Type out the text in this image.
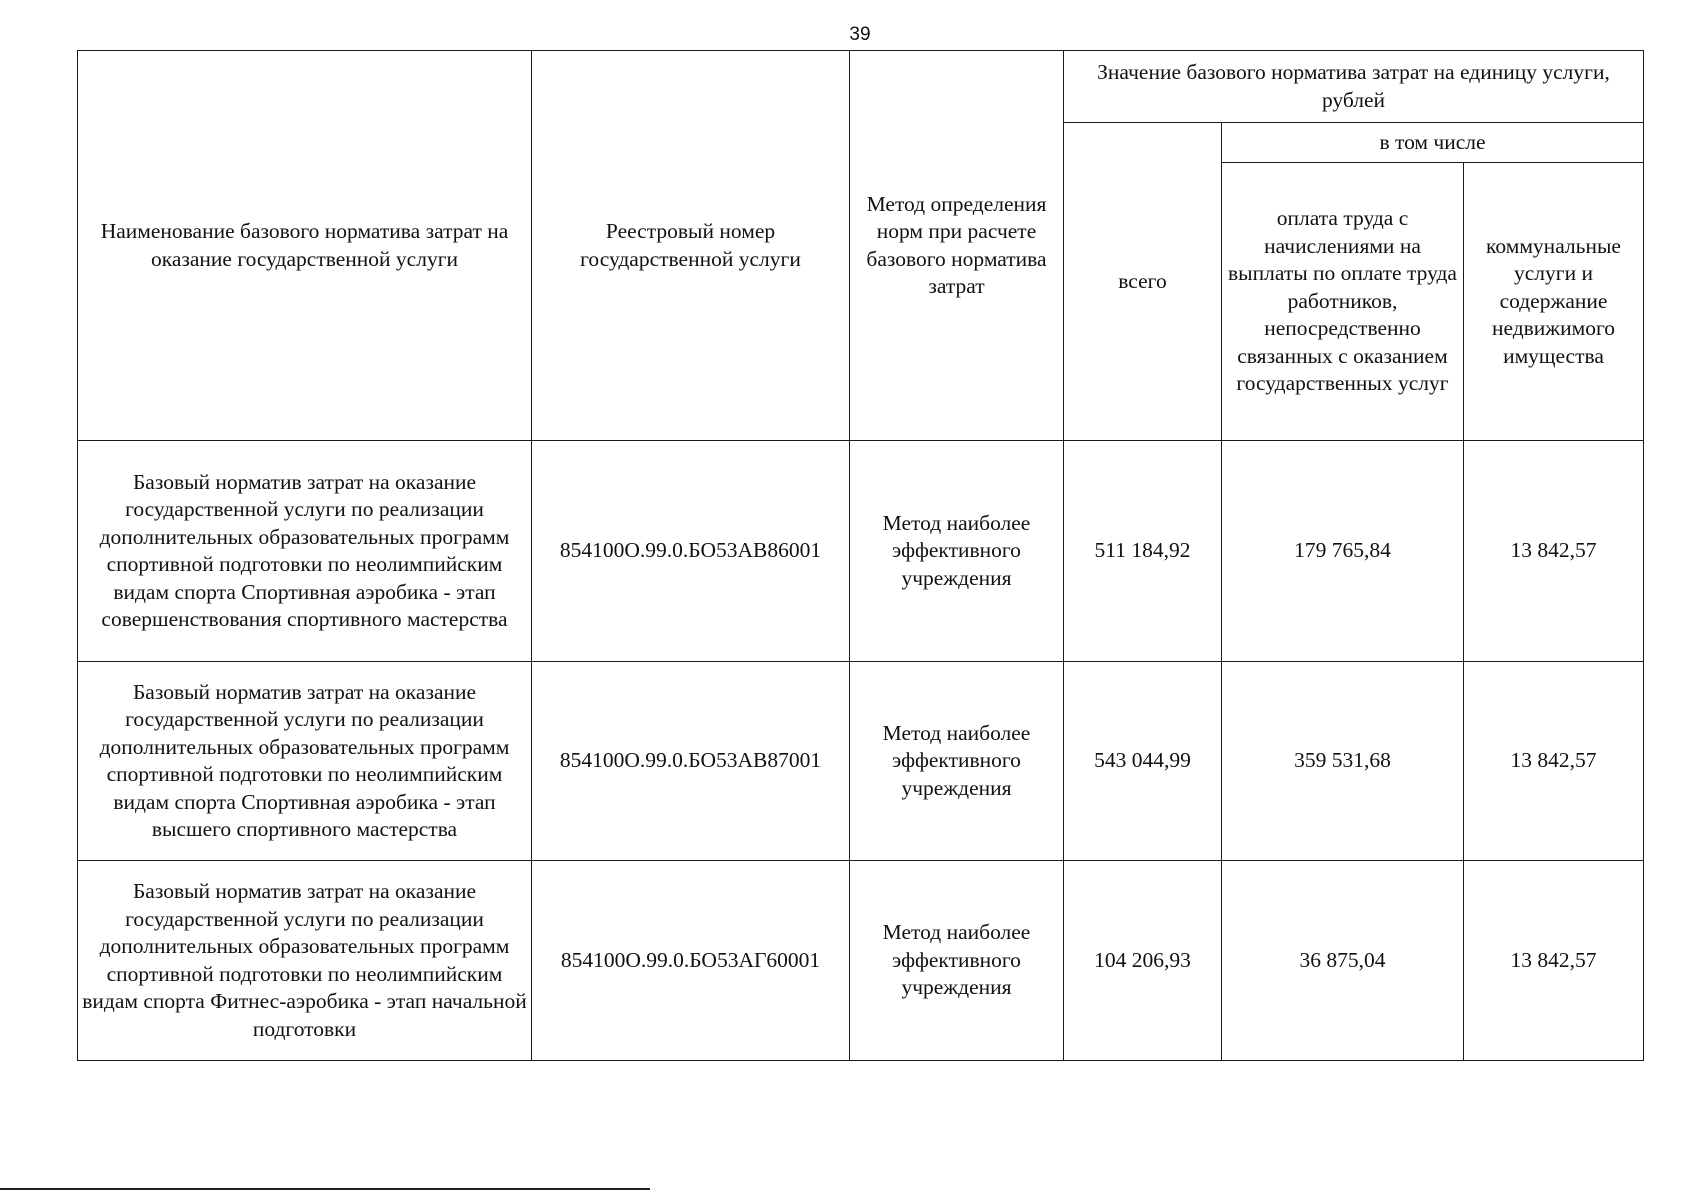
39
Наименование базового норматива затрат на оказание государственной услуги	Реестровый номер государственной услуги	Метод определения норм при расчете базового норматива затрат	Значение базового норматива затрат на единицу услуги, рублей		
			всего	в том числе	
				оплата труда с начислениями на выплаты по оплате труда работников, непосредственно связанных с оказанием государственных услуг	коммунальные услуги и содержание недвижимого имущества
Базовый норматив затрат на оказание государственной услуги по реализации дополнительных образовательных программ спортивной подготовки по неолимпийским видам спорта Спортивная аэробика - этап совершенствования спортивного мастерства	854100О.99.0.БО53АВ86001	Метод наиболее эффективного учреждения	511 184,92	179 765,84	13 842,57
Базовый норматив затрат на оказание государственной услуги по реализации дополнительных образовательных программ спортивной подготовки по неолимпийским видам спорта Спортивная аэробика - этап высшего спортивного мастерства	854100О.99.0.БО53АВ87001	Метод наиболее эффективного учреждения	543 044,99	359 531,68	13 842,57
Базовый норматив затрат на оказание государственной услуги по реализации дополнительных образовательных программ спортивной подготовки по неолимпийским видам спорта Фитнес-аэробика - этап начальной подготовки	854100О.99.0.БО53АГ60001	Метод наиболее эффективного учреждения	104 206,93	36 875,04	13 842,57
